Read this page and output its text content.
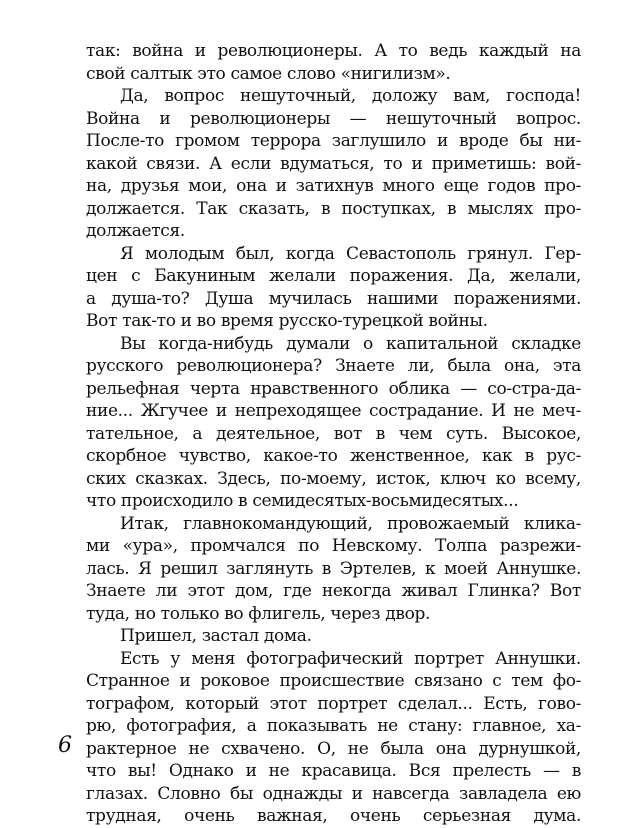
так: война и революционеры. А то ведь каждый на
свой салтык это самое слово «нигилизм».
Да, вопрос нешуточный, доложу вам, господа!
Война и революционеры — нешуточный вопрос.
После-то громом террора заглушило и вроде бы ни-
какой связи. А если вдуматься, то и приметишь: вой-
на, друзья мои, она и затихнув много еще годов про-
должается. Так сказать, в поступках, в мыслях про-
должается.
Я молодым был, когда Севастополь грянул. Гер-
цен с Бакуниным желали поражения. Да, желали,
а душа-то? Душа мучилась нашими поражениями.
Вот так-то и во время русско-турецкой войны.
Вы когда-нибудь думали о капитальной складке
русского революционера? Знаете ли, была она, эта
рельефная черта нравственного облика — со-стра-да-
ние... Жгучее и непреходящее сострадание. И не меч-
тательное, а деятельное, вот в чем суть. Высокое,
скорбное чувство, какое-то женственное, как в рус-
ских сказках. Здесь, по-моему, исток, ключ ко всему,
что происходило в семидесятых-восьмидесятых...
Итак, главнокомандующий, провожаемый клика-
ми «ура», промчался по Невскому. Толпа разрежи-
лась. Я решил заглянуть в Эртелев, к моей Аннушке.
Знаете ли этот дом, где некогда живал Глинка? Вот
туда, но только во флигель, через двор.
Пришел, застал дома.
Есть у меня фотографический портрет Аннушки.
Странное и роковое происшествие связано с тем фо-
тографом, который этот портрет сделал... Есть, гово-
рю, фотография, а показывать не стану: главное, ха-
рактерное не схвачено. О, не была она дурнушкой,
что вы! Однако и не красавица. Вся прелесть — в
глазах. Словно бы однажды и навсегда завладела ею
трудная, очень важная, очень серьезная дума.
6
